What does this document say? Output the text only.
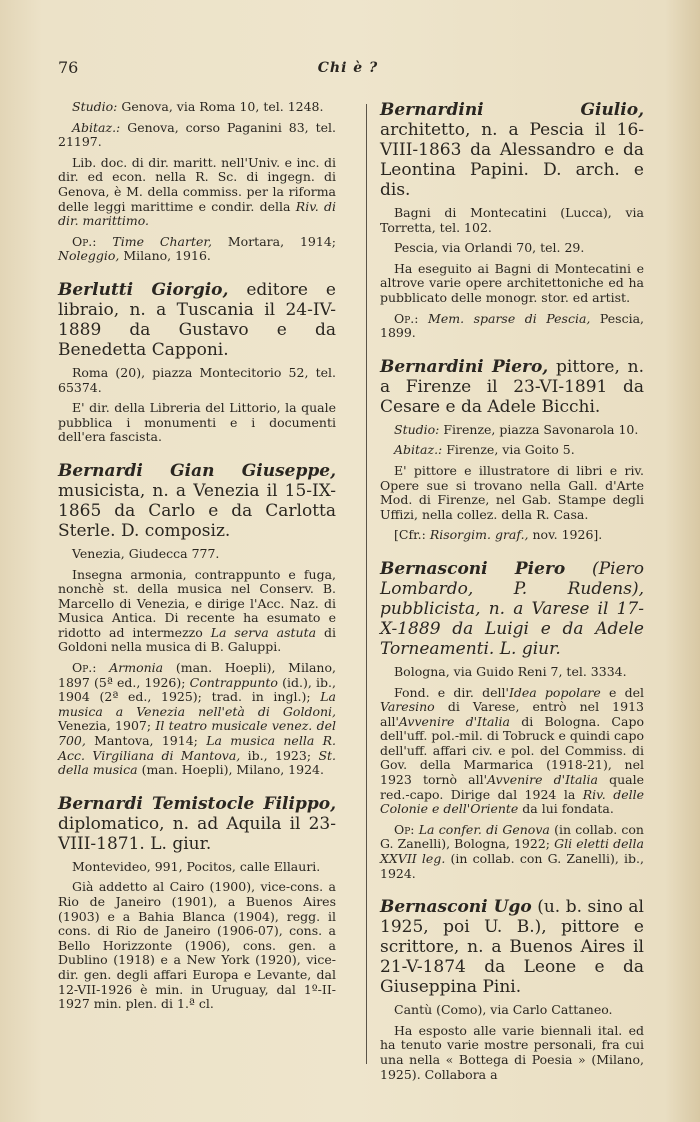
76	Chi è ?

Studio: Genova, via Roma 10, tel. 1248.

Abitaz.: Genova, corso Paganini 83, tel. 21197.

Lib. doc. di dir. maritt. nell'Univ. e inc. di dir. ed econ. nella R. Sc. di ingegn. di Genova, è M. della commiss. per la riforma delle leggi marittime e condir. della Riv. di dir. marittimo.

Op.: Time Charter, Mortara, 1914; Noleggio, Milano, 1916.

Berlutti Giorgio, editore e libraio, n. a Tuscania il 24-IV-1889 da Gustavo e da Benedetta Capponi.

Roma (20), piazza Montecitorio 52, tel. 65374.

E' dir. della Libreria del Littorio, la quale pubblica i monumenti e i documenti dell'era fascista.

Bernardi Gian Giuseppe, musicista, n. a Venezia il 15-IX-1865 da Carlo e da Carlotta Sterle. D. composiz.

Venezia, Giudecca 777.

Insegna armonia, contrappunto e fuga, nonchè st. della musica nel Conserv. B. Marcello di Venezia, e dirige l'Acc. Naz. di Musica Antica. Di recente ha esumato e ridotto ad intermezzo La serva astuta di Goldoni nella musica di B. Galuppi.

Op.: Armonia (man. Hoepli), Milano, 1897 (5ª ed., 1926); Contrappunto (id.), ib., 1904 (2ª ed., 1925); trad. in ingl.); La musica a Venezia nell'età di Goldoni, Venezia, 1907; Il teatro musicale venez. del 700, Mantova, 1914; La musica nella R. Acc. Virgiliana di Mantova, ib., 1923; St. della musica (man. Hoepli), Milano, 1924.

Bernardi Temistocle Filippo, diplomatico, n. ad Aquila il 23-VIII-1871. L. giur.

Montevideo, 991, Pocitos, calle Ellauri.

Già addetto al Cairo (1900), vice-cons. a Rio de Janeiro (1901), a Buenos Aires (1903) e a Bahia Blanca (1904), regg. il cons. di Rio de Janeiro (1906-07), cons. a Bello Horizzonte (1906), cons. gen. a Dublino (1918) e a New York (1920), vice-dir. gen. degli affari Europa e Levante, dal 12-VII-1926 è min. in Uruguay, dal 1º-II-1927 min. plen. di 1.ª cl.

Bernardini Giulio, architetto, n. a Pescia il 16-VIII-1863 da Alessandro e da Leontina Papini. D. arch. e dis.

Bagni di Montecatini (Lucca), via Torretta, tel. 102.

Pescia, via Orlandi 70, tel. 29.

Ha eseguito ai Bagni di Montecatini e altrove varie opere architettoniche ed ha pubblicato delle monogr. stor. ed artist.

Op.: Mem. sparse di Pescia, Pescia, 1899.

Bernardini Piero, pittore, n. a Firenze il 23-VI-1891 da Cesare e da Adele Bicchi.

Studio: Firenze, piazza Savonarola 10.

Abitaz.: Firenze, via Goito 5.

E' pittore e illustratore di libri e riv. Opere sue si trovano nella Gall. d'Arte Mod. di Firenze, nel Gab. Stampe degli Uffizi, nella collez. della R. Casa.

[Cfr.: Risorgim. graf., nov. 1926].

Bernasconi Piero (Piero Lombardo, P. Rudens), pubblicista, n. a Varese il 17-X-1889 da Luigi e da Adele Torneamenti. L. giur.

Bologna, via Guido Reni 7, tel. 3334.

Fond. e dir. dell'Idea popolare e del Varesino di Varese, entrò nel 1913 all'Avvenire d'Italia di Bologna. Capo dell'uff. pol.-mil. di Tobruck e quindi capo dell'uff. affari civ. e pol. del Commiss. di Gov. della Marmarica (1918-21), nel 1923 tornò all'Avvenire d'Italia quale red.-capo. Dirige dal 1924 la Riv. delle Colonie e dell'Oriente da lui fondata.

Op: La confer. di Genova (in collab. con G. Zanelli), Bologna, 1922; Gli eletti della XXVII leg. (in collab. con G. Zanelli), ib., 1924.

Bernasconi Ugo (u. b. sino al 1925, poi U. B.), pittore e scrittore, n. a Buenos Aires il 21-V-1874 da Leone e da Giuseppina Pini.

Cantù (Como), via Carlo Cattaneo.

Ha esposto alle varie biennali ital. ed ha tenuto varie mostre personali, fra cui una nella « Bottega di Poesia » (Milano, 1925). Collabora a
